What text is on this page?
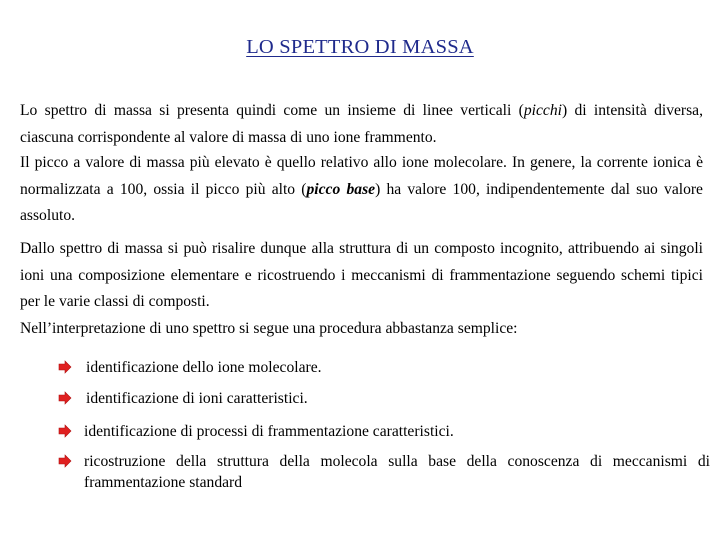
LO SPETTRO DI MASSA
Lo spettro di massa si presenta quindi come un insieme di linee verticali (picchi) di intensità diversa, ciascuna corrispondente al valore di massa di uno ione frammento.
Il picco a valore di massa più elevato è quello relativo allo ione molecolare. In genere, la corrente ionica è normalizzata a 100, ossia il picco più alto (picco base) ha valore 100, indipendentemente dal suo valore assoluto.
Dallo spettro di massa si può risalire dunque alla struttura di un composto incognito, attribuendo ai singoli ioni una composizione elementare e ricostruendo i meccanismi di frammentazione seguendo schemi tipici per le varie classi di composti.
Nell’interpretazione di uno spettro si segue una procedura abbastanza semplice:
identificazione dello ione molecolare.
identificazione di ioni caratteristici.
identificazione di processi di frammentazione caratteristici.
ricostruzione della struttura della molecola sulla base della conoscenza di meccanismi di frammentazione standard
